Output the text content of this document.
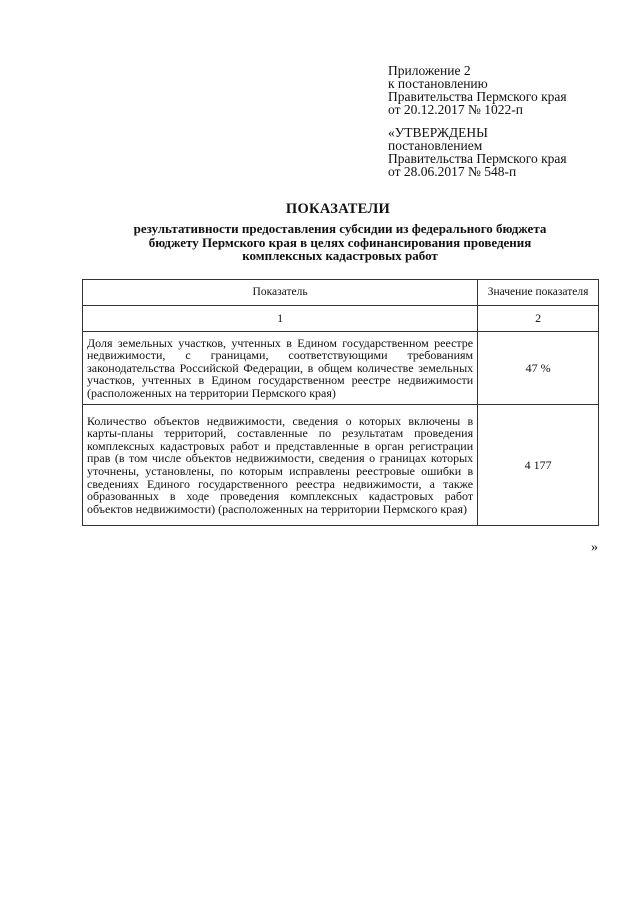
Приложение 2
к постановлению
Правительства Пермского края
от 20.12.2017 № 1022-п
«УТВЕРЖДЕНЫ
постановлением
Правительства Пермского края
от 28.06.2017 № 548-п
ПОКАЗАТЕЛИ
результативности предоставления субсидии из федерального бюджета
бюджету Пермского края в целях софинансирования проведения
комплексных кадастровых работ
Показатель	Значение показателя
1	2
Доля земельных участков, учтенных в Едином государственном реестре недвижимости, с границами, соответствующими требованиям законодательства Российской Федерации, в общем количестве земельных участков, учтенных в Едином государственном реестре недвижимости (расположенных на территории Пермского края)	47 %
Количество объектов недвижимости, сведения о которых включены в карты-планы территорий, составленные по результатам проведения комплексных кадастровых работ и представленные в орган регистрации прав (в том числе объектов недвижимости, сведения о границах которых уточнены, установлены, по которым исправлены реестровые ошибки в сведениях Единого государственного реестра недвижимости, а также образованных в ходе проведения комплексных кадастровых работ объектов недвижимости) (расположенных на территории Пермского края)	4 177
»
